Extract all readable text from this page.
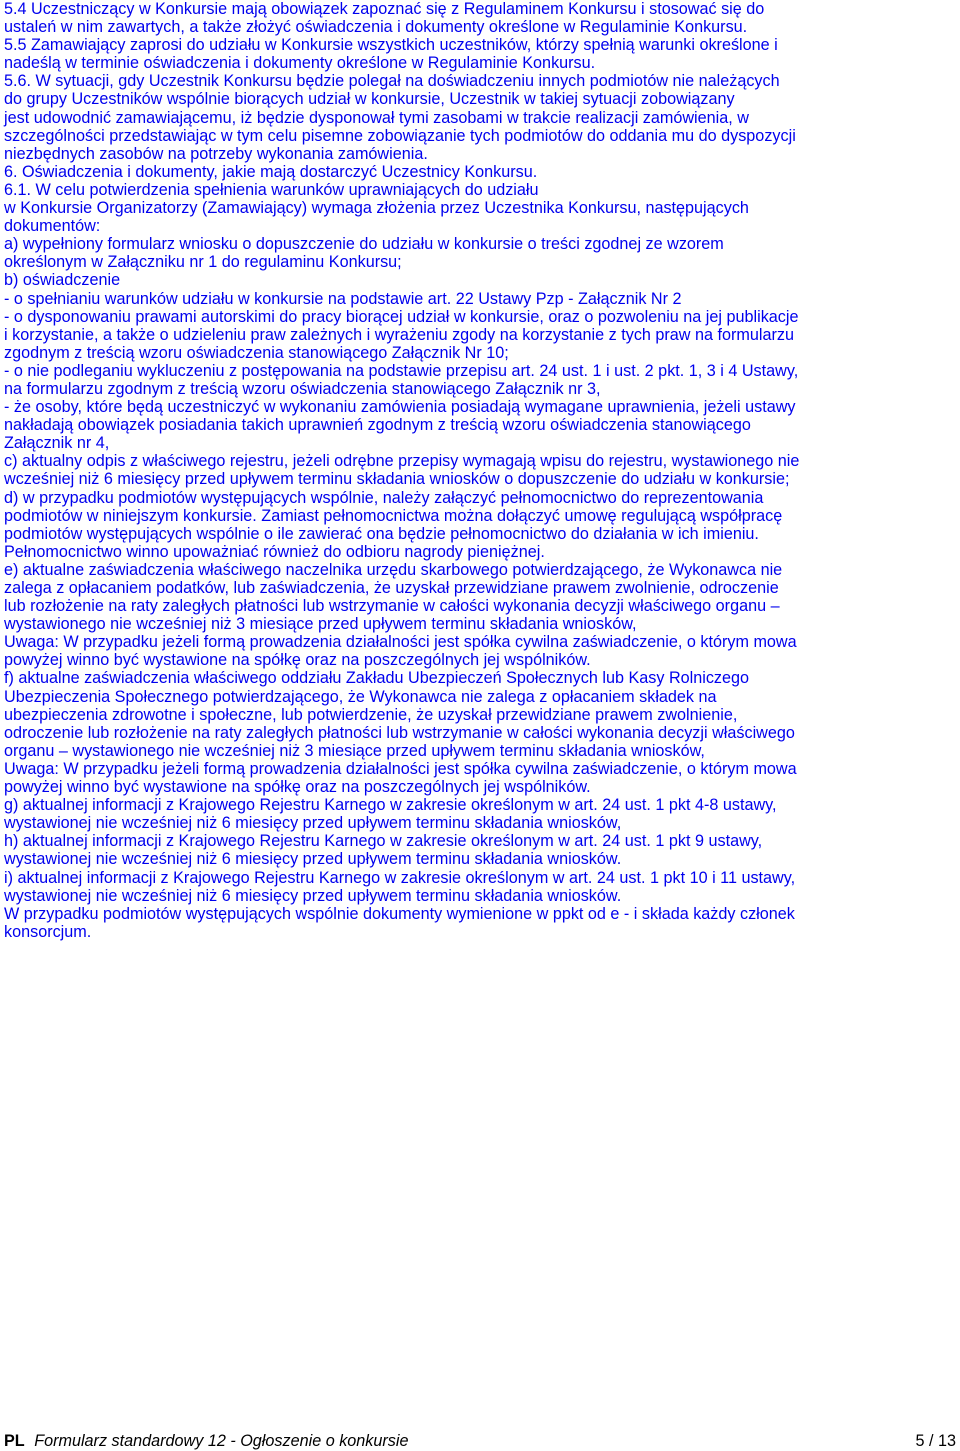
5.4 Uczestniczący w Konkursie mają obowiązek zapoznać się z Regulaminem Konkursu i stosować się do
ustaleń w nim zawartych, a także złożyć oświadczenia i dokumenty określone w Regulaminie Konkursu.
5.5 Zamawiający zaprosi do udziału w Konkursie wszystkich uczestników, którzy spełnią warunki określone i
nadeślą w terminie oświadczenia i dokumenty określone w Regulaminie Konkursu.
5.6. W sytuacji, gdy Uczestnik Konkursu będzie polegał na doświadczeniu innych podmiotów nie należących
do grupy Uczestników wspólnie biorących udział w konkursie, Uczestnik w takiej sytuacji zobowiązany
jest udowodnić zamawiającemu, iż będzie dysponował tymi zasobami w trakcie realizacji zamówienia, w
szczególności przedstawiając w tym celu pisemne zobowiązanie tych podmiotów do oddania mu do dyspozycji
niezbędnych zasobów na potrzeby wykonania zamówienia.
6. Oświadczenia i dokumenty, jakie mają dostarczyć Uczestnicy Konkursu.
6.1. W celu potwierdzenia spełnienia warunków uprawniających do udziału
w Konkursie Organizatorzy (Zamawiający) wymaga złożenia przez Uczestnika Konkursu, następujących
dokumentów:
a) wypełniony formularz wniosku o dopuszczenie do udziału w konkursie o treści zgodnej ze wzorem
określonym w Załączniku nr 1 do regulaminu Konkursu;
b) oświadczenie
- o spełnianiu warunków udziału w konkursie na podstawie art. 22 Ustawy Pzp - Załącznik Nr 2
- o dysponowaniu prawami autorskimi do pracy biorącej udział w konkursie, oraz o pozwoleniu na jej publikacje
i korzystanie, a także o udzieleniu praw zależnych i wyrażeniu zgody na korzystanie z tych praw na formularzu
zgodnym z treścią wzoru oświadczenia stanowiącego Załącznik Nr 10;
- o nie podleganiu wykluczeniu z postępowania na podstawie przepisu art. 24 ust. 1 i ust. 2 pkt. 1, 3 i 4 Ustawy,
na formularzu zgodnym z treścią wzoru oświadczenia stanowiącego Załącznik nr 3,
- że osoby, które będą uczestniczyć w wykonaniu zamówienia posiadają wymagane uprawnienia, jeżeli ustawy
nakładają obowiązek posiadania takich uprawnień zgodnym z treścią wzoru oświadczenia stanowiącego
Załącznik nr 4,
c) aktualny odpis z właściwego rejestru, jeżeli odrębne przepisy wymagają wpisu do rejestru, wystawionego nie
wcześniej niż 6 miesięcy przed upływem terminu składania wniosków o dopuszczenie do udziału w konkursie;
d) w przypadku podmiotów występujących wspólnie, należy załączyć pełnomocnictwo do reprezentowania
podmiotów w niniejszym konkursie. Zamiast pełnomocnictwa można dołączyć umowę regulującą współpracę
podmiotów występujących wspólnie o ile zawierać ona będzie pełnomocnictwo do działania w ich imieniu.
Pełnomocnictwo winno upoważniać również do odbioru nagrody pieniężnej.
e) aktualne zaświadczenia właściwego naczelnika urzędu skarbowego potwierdzającego, że Wykonawca nie
zalega z opłacaniem podatków, lub zaświadczenia, że uzyskał przewidziane prawem zwolnienie, odroczenie
lub rozłożenie na raty zaległych płatności lub wstrzymanie w całości wykonania decyzji właściwego organu –
wystawionego nie wcześniej niż 3 miesiące przed upływem terminu składania wniosków,
Uwaga: W przypadku jeżeli formą prowadzenia działalności jest spółka cywilna zaświadczenie, o którym mowa
powyżej winno być wystawione na spółkę oraz na poszczególnych jej wspólników.
f) aktualne zaświadczenia właściwego oddziału Zakładu Ubezpieczeń Społecznych lub Kasy Rolniczego
Ubezpieczenia Społecznego potwierdzającego, że Wykonawca nie zalega z opłacaniem składek na
ubezpieczenia zdrowotne i społeczne, lub potwierdzenie, że uzyskał przewidziane prawem zwolnienie,
odroczenie lub rozłożenie na raty zaległych płatności lub wstrzymanie w całości wykonania decyzji właściwego
organu – wystawionego nie wcześniej niż 3 miesiące przed upływem terminu składania wniosków,
Uwaga: W przypadku jeżeli formą prowadzenia działalności jest spółka cywilna zaświadczenie, o którym mowa
powyżej winno być wystawione na spółkę oraz na poszczególnych jej wspólników.
g) aktualnej informacji z Krajowego Rejestru Karnego w zakresie określonym w art. 24 ust. 1 pkt 4-8 ustawy,
wystawionej nie wcześniej niż 6 miesięcy przed upływem terminu składania wniosków,
h) aktualnej informacji z Krajowego Rejestru Karnego w zakresie określonym w art. 24 ust. 1 pkt 9 ustawy,
wystawionej nie wcześniej niż 6 miesięcy przed upływem terminu składania wniosków.
i) aktualnej informacji z Krajowego Rejestru Karnego w zakresie określonym w art. 24 ust. 1 pkt 10 i 11 ustawy,
wystawionej nie wcześniej niż 6 miesięcy przed upływem terminu składania wniosków.
W przypadku podmiotów występujących wspólnie dokumenty wymienione w ppkt od e - i składa każdy członek
konsorcjum.
PL Formularz standardowy 12 - Ogłoszenie o konkursie	5 / 13
